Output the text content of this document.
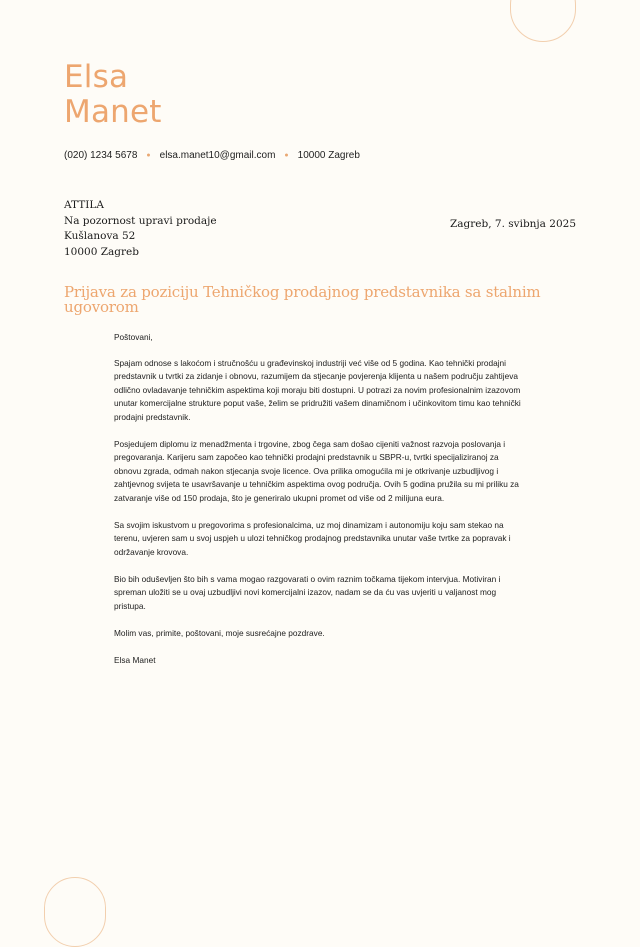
Elsa
Manet
(020) 1234 5678 ● elsa.manet10@gmail.com ● 10000 Zagreb
ATTILA
Na pozornost upravi prodaje
Kušlanova 52
10000 Zagreb
Zagreb, 7. svibnja 2025
Prijava za poziciju Tehničkog prodajnog predstavnika sa stalnim ugovorom

Poštovani,

Spajam odnose s lakoćom i stručnošću u građevinskoj industriji već više od 5 godina. Kao tehnički prodajni predstavnik u tvrtki za zidanje i obnovu, razumijem da stjecanje povjerenja klijenta u našem području zahtijeva odlično ovladavanje tehničkim aspektima koji moraju biti dostupni. U potrazi za novim profesionalnim izazovom unutar komercijalne strukture poput vaše, želim se pridružiti vašem dinamičnom i učinkovitom timu kao tehnički prodajni predstavnik.

Posjedujem diplomu iz menadžmenta i trgovine, zbog čega sam došao cijeniti važnost razvoja poslovanja i pregovaranja. Karijeru sam započeo kao tehnički prodajni predstavnik u SBPR-u, tvrtki specijaliziranoj za obnovu zgrada, odmah nakon stjecanja svoje licence. Ova prilika omogućila mi je otkrivanje uzbudljivog i zahtjevnog svijeta te usavršavanje u tehničkim aspektima ovog područja. Ovih 5 godina pružila su mi priliku za zatvaranje više od 150 prodaja, što je generiralo ukupni promet od više od 2 milijuna eura.

Sa svojim iskustvom u pregovorima s profesionalcima, uz moj dinamizam i autonomiju koju sam stekao na terenu, uvjeren sam u svoj uspjeh u ulozi tehničkog prodajnog predstavnika unutar vaše tvrtke za popravak i održavanje krovova.

Bio bih oduševljen što bih s vama mogao razgovarati o ovim raznim točkama tijekom intervjua. Motiviran i spreman uložiti se u ovaj uzbudljivi novi komercijalni izazov, nadam se da ću vas uvjeriti u valjanost mog pristupa.

Molim vas, primite, poštovani, moje susrećajne pozdrave.

Elsa Manet
